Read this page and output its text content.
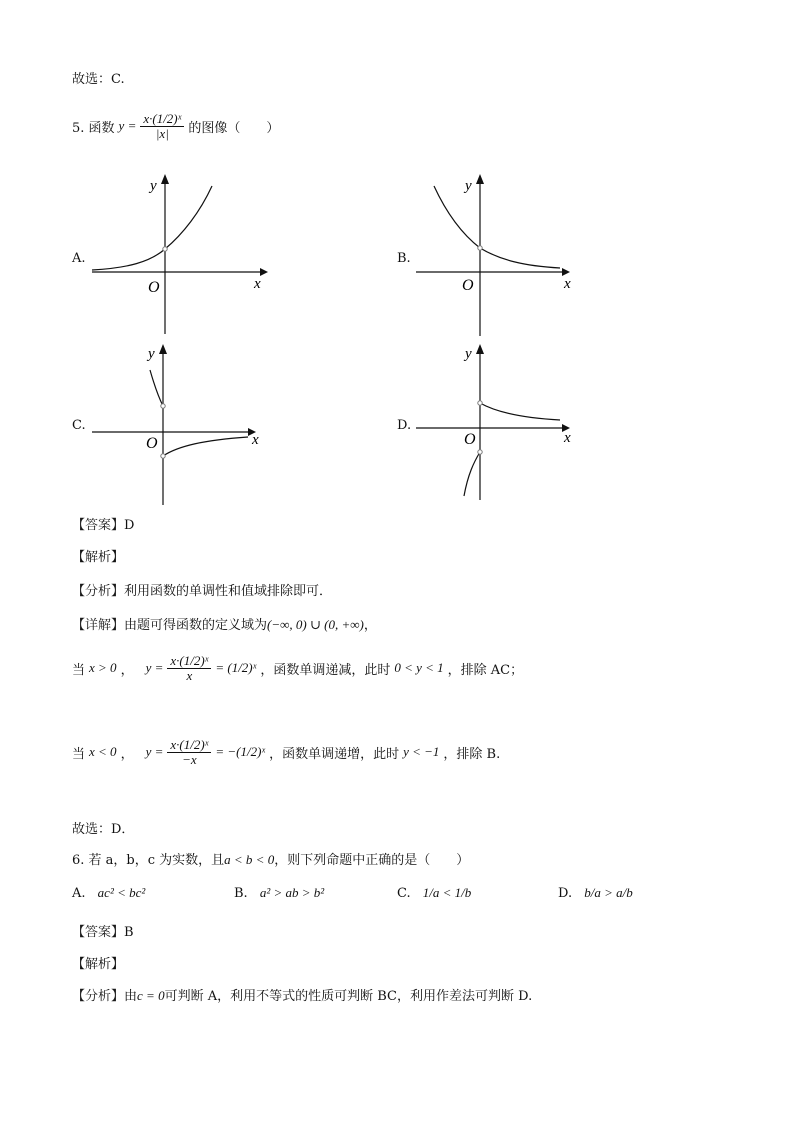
故选：C.
5. 函数 $y = \frac{\text{x·(1/2)ˣ}}{|x|}$ 的图像（　　）
A.	B.
C.	D.
y
x
O
y
x
O
y
x
O
y
x
O
【答案】D
【解析】
【分析】利用函数的单调性和值域排除即可．
【详解】由题可得函数的定义域为(−∞, 0) ∪ (0, +∞)，
当 x > 0 ， $y = \frac{\text{x·(1/2)ˣ}}{x}$ = (1/2)ˣ ，函数单调递减，此时 0 < y < 1 ，排除 AC；
当 x < 0 ， $y = \frac{\text{x·(1/2)ˣ}}{-x}$ = −(1/2)ˣ ，函数单调递增，此时 y < −1 ，排除 B.
故选：D．
6. 若 a，b，c 为实数，且a < b < 0，则下列命题中正确的是（　　）
A. ac² < bc²	B. a² > ab > b²	C. 1/a < 1/b	D. b/a > a/b
【答案】B
【解析】
【分析】由c = 0可判断 A，利用不等式的性质可判断 BC，利用作差法可判断 D.
